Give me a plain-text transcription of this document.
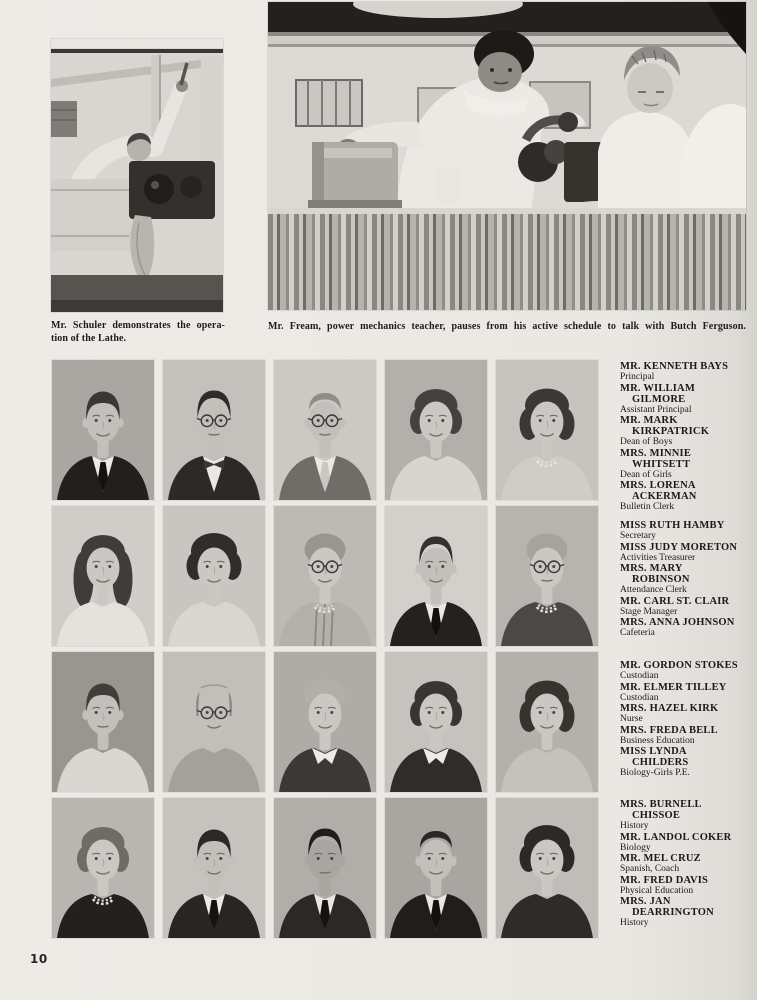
Mr. Schuler demonstrates the opera-
tion of the Lathe.
Mr. Fream, power mechanics teacher, pauses from his active schedule to talk with Butch Ferguson.
MR. KENNETH BAYS
Principal
MR. WILLIAM
GILMORE
Assistant Principal
MR. MARK
KIRKPATRICK
Dean of Boys
MRS. MINNIE
WHITSETT
Dean of Girls
MRS. LORENA
ACKERMAN
Bulletin Clerk
MISS RUTH HAMBY
Secretary
MISS JUDY MORETON
Activities Treasurer
MRS. MARY
ROBINSON
Attendance Clerk
MR. CARL ST. CLAIR
Stage Manager
MRS. ANNA JOHNSON
Cafeteria
MR. GORDON STOKES
Custodian
MR. ELMER TILLEY
Custodian
MRS. HAZEL KIRK
Nurse
MRS. FREDA BELL
Business Education
MISS LYNDA
CHILDERS
Biology-Girls P.E.
MRS. BURNELL
CHISSOE
History
MR. LANDOL COKER
Biology
MR. MEL CRUZ
Spanish, Coach
MR. FRED DAVIS
Physical Education
MRS. JAN
DEARRINGTON
History
10
